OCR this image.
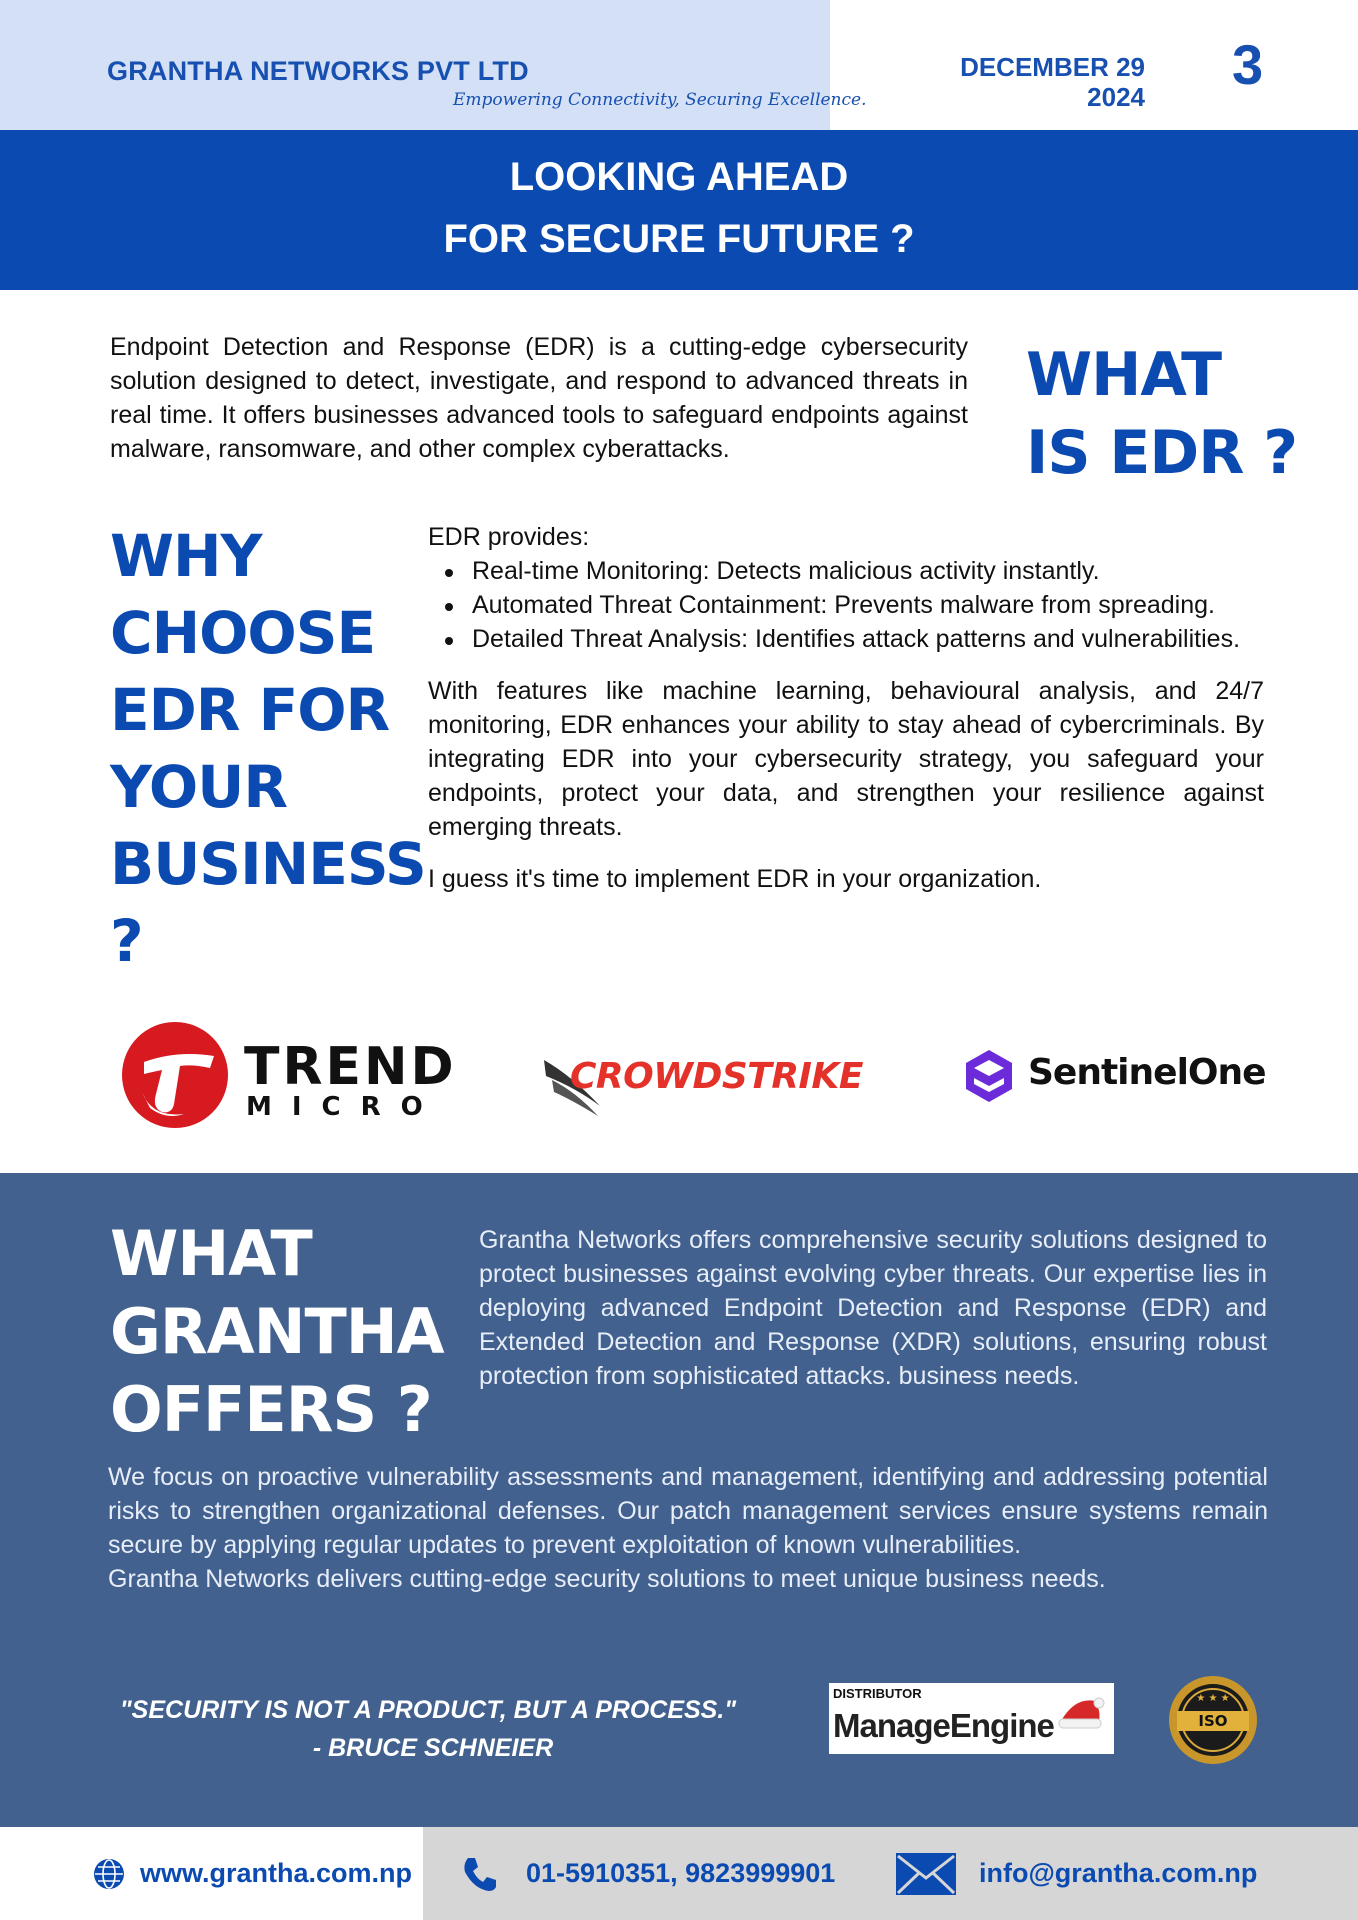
GRANTHA NETWORKS PVT LTD
Empowering Connectivity, Securing Excellence.
DECEMBER 29
2024
3
LOOKING AHEAD
FOR SECURE FUTURE ?

Endpoint Detection and Response (EDR) is a cutting-edge cybersecurity solution designed to detect, investigate, and respond to advanced threats in real time. It offers businesses advanced tools to safeguard endpoints against malware, ransomware, and other complex cyberattacks.

WHAT
IS EDR ?
WHY
CHOOSE
EDR FOR
YOUR
BUSINESS
?

EDR provides:

Real-time Monitoring: Detects malicious activity instantly.
Automated Threat Containment: Prevents malware from spreading.
Detailed Threat Analysis: Identifies attack patterns and vulnerabilities.

With features like machine learning, behavioural analysis, and 24/7 monitoring, EDR enhances your ability to stay ahead of cybercriminals. By integrating EDR into your cybersecurity strategy, you safeguard your endpoints, protect your data, and strengthen your resilience against emerging threats.

I guess it's time to implement EDR in your organization.

TREND
MICRO
CROWDSTRIKE	SentinelOne
WHAT
GRANTHA
OFFERS ?

Grantha Networks offers comprehensive security solutions designed to protect businesses against evolving cyber threats. Our expertise lies in deploying advanced Endpoint Detection and Response (EDR) and Extended Detection and Response (XDR) solutions, ensuring robust protection from sophisticated attacks. business needs.

We focus on proactive vulnerability assessments and management, identifying and addressing potential risks to strengthen organizational defenses. Our patch management services ensure systems remain secure by applying regular updates to prevent exploitation of known vulnerabilities.

Grantha Networks delivers cutting-edge security solutions to meet unique business needs.

"SECURITY IS NOT A PRODUCT, BUT A PROCESS."
- BRUCE SCHNEIER
DISTRIBUTOR
ManageEngine	ISO
★ ★ ★
www.grantha.com.np	01-5910351, 9823999901	info@grantha.com.np
